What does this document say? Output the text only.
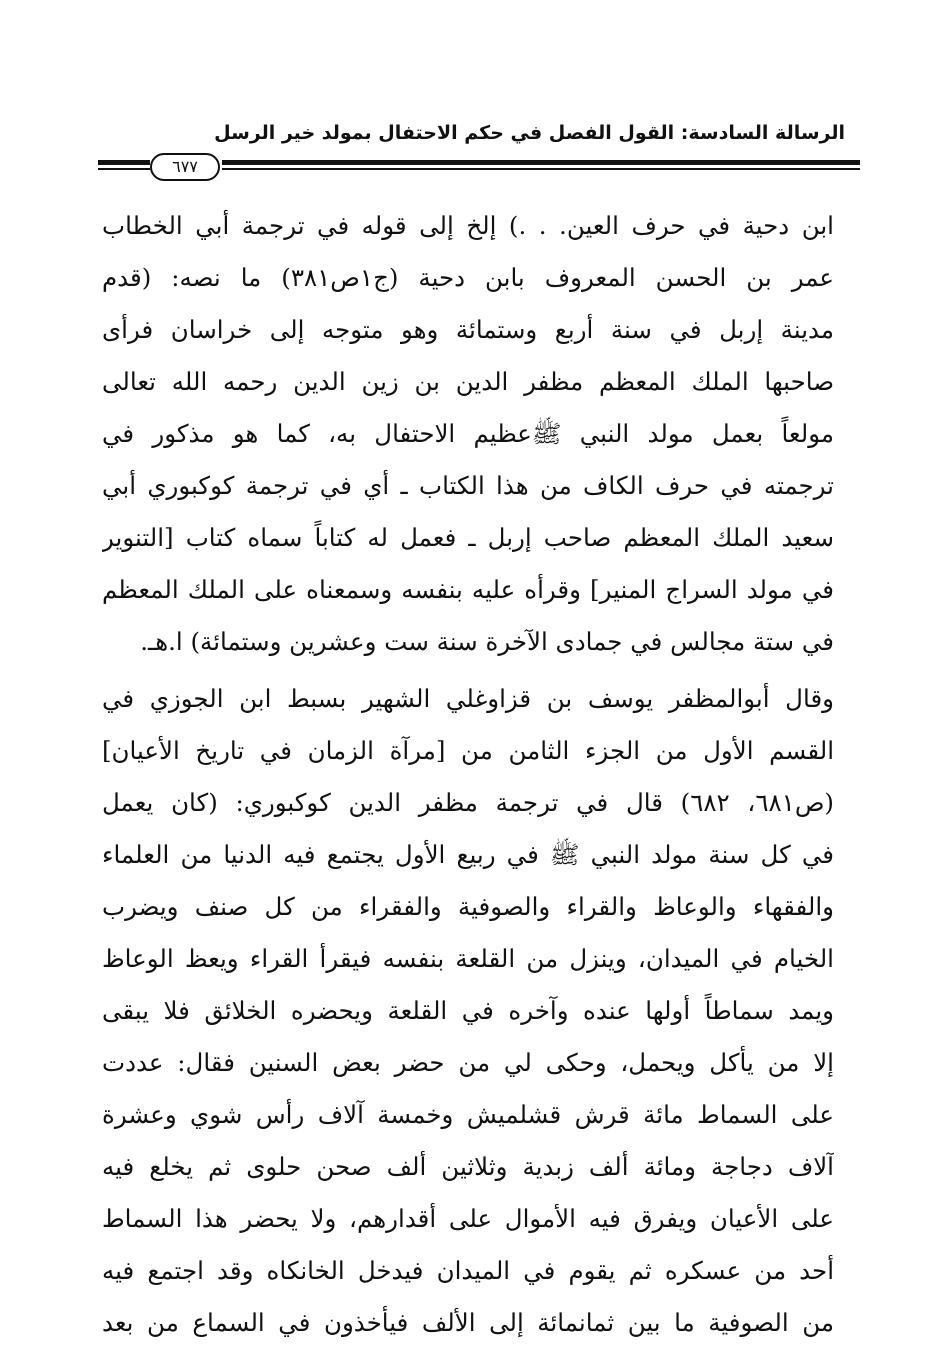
الرسالة السادسة: القول الفصل في حكم الاحتفال بمولد خير الرسل
٦٧٧
ابن دحية في حرف العين. . .) إلخ إلى قوله في ترجمة أبي الخطاب
عمر بن الحسن المعروف بابن دحية (ج١ص٣٨١) ما نصه: (قدم
مدينة إربل في سنة أربع وستمائة وهو متوجه إلى خراسان فرأى
صاحبها الملك المعظم مظفر الدين بن زين الدين رحمه الله تعالى
مولعاً بعمل مولد النبي ﷺعظيم الاحتفال به، كما هو مذكور في
ترجمته في حرف الكاف من هذا الكتاب ـ أي في ترجمة كوكبوري أبي
سعيد الملك المعظم صاحب إربل ـ فعمل له كتاباً سماه كتاب [التنوير
في مولد السراج المنير] وقرأه عليه بنفسه وسمعناه على الملك المعظم
في ستة مجالس في جمادى الآخرة سنة ست وعشرين وستمائة) ا.هـ.
وقال أبوالمظفر يوسف بن قزاوغلي الشهير بسبط ابن الجوزي في
القسم الأول من الجزء الثامن من [مرآة الزمان في تاريخ الأعيان]
(ص٦٨١، ٦٨٢) قال في ترجمة مظفر الدين كوكبوري: (كان يعمل
في كل سنة مولد النبي ﷺ في ربيع الأول يجتمع فيه الدنيا من العلماء
والفقهاء والوعاظ والقراء والصوفية والفقراء من كل صنف ويضرب
الخيام في الميدان، وينزل من القلعة بنفسه فيقرأ القراء ويعظ الوعاظ
ويمد سماطاً أولها عنده وآخره في القلعة ويحضره الخلائق فلا يبقى
إلا من يأكل ويحمل، وحكى لي من حضر بعض السنين فقال: عددت
على السماط مائة قرش قشلميش وخمسة آلاف رأس شوي وعشرة
آلاف دجاجة ومائة ألف زبدية وثلاثين ألف صحن حلوى ثم يخلع فيه
على الأعيان ويفرق فيه الأموال على أقدارهم، ولا يحضر هذا السماط
أحد من عسكره ثم يقوم في الميدان فيدخل الخانكاه وقد اجتمع فيه
من الصوفية ما بين ثمانمائة إلى الألف فيأخذون في السماع من بعد
